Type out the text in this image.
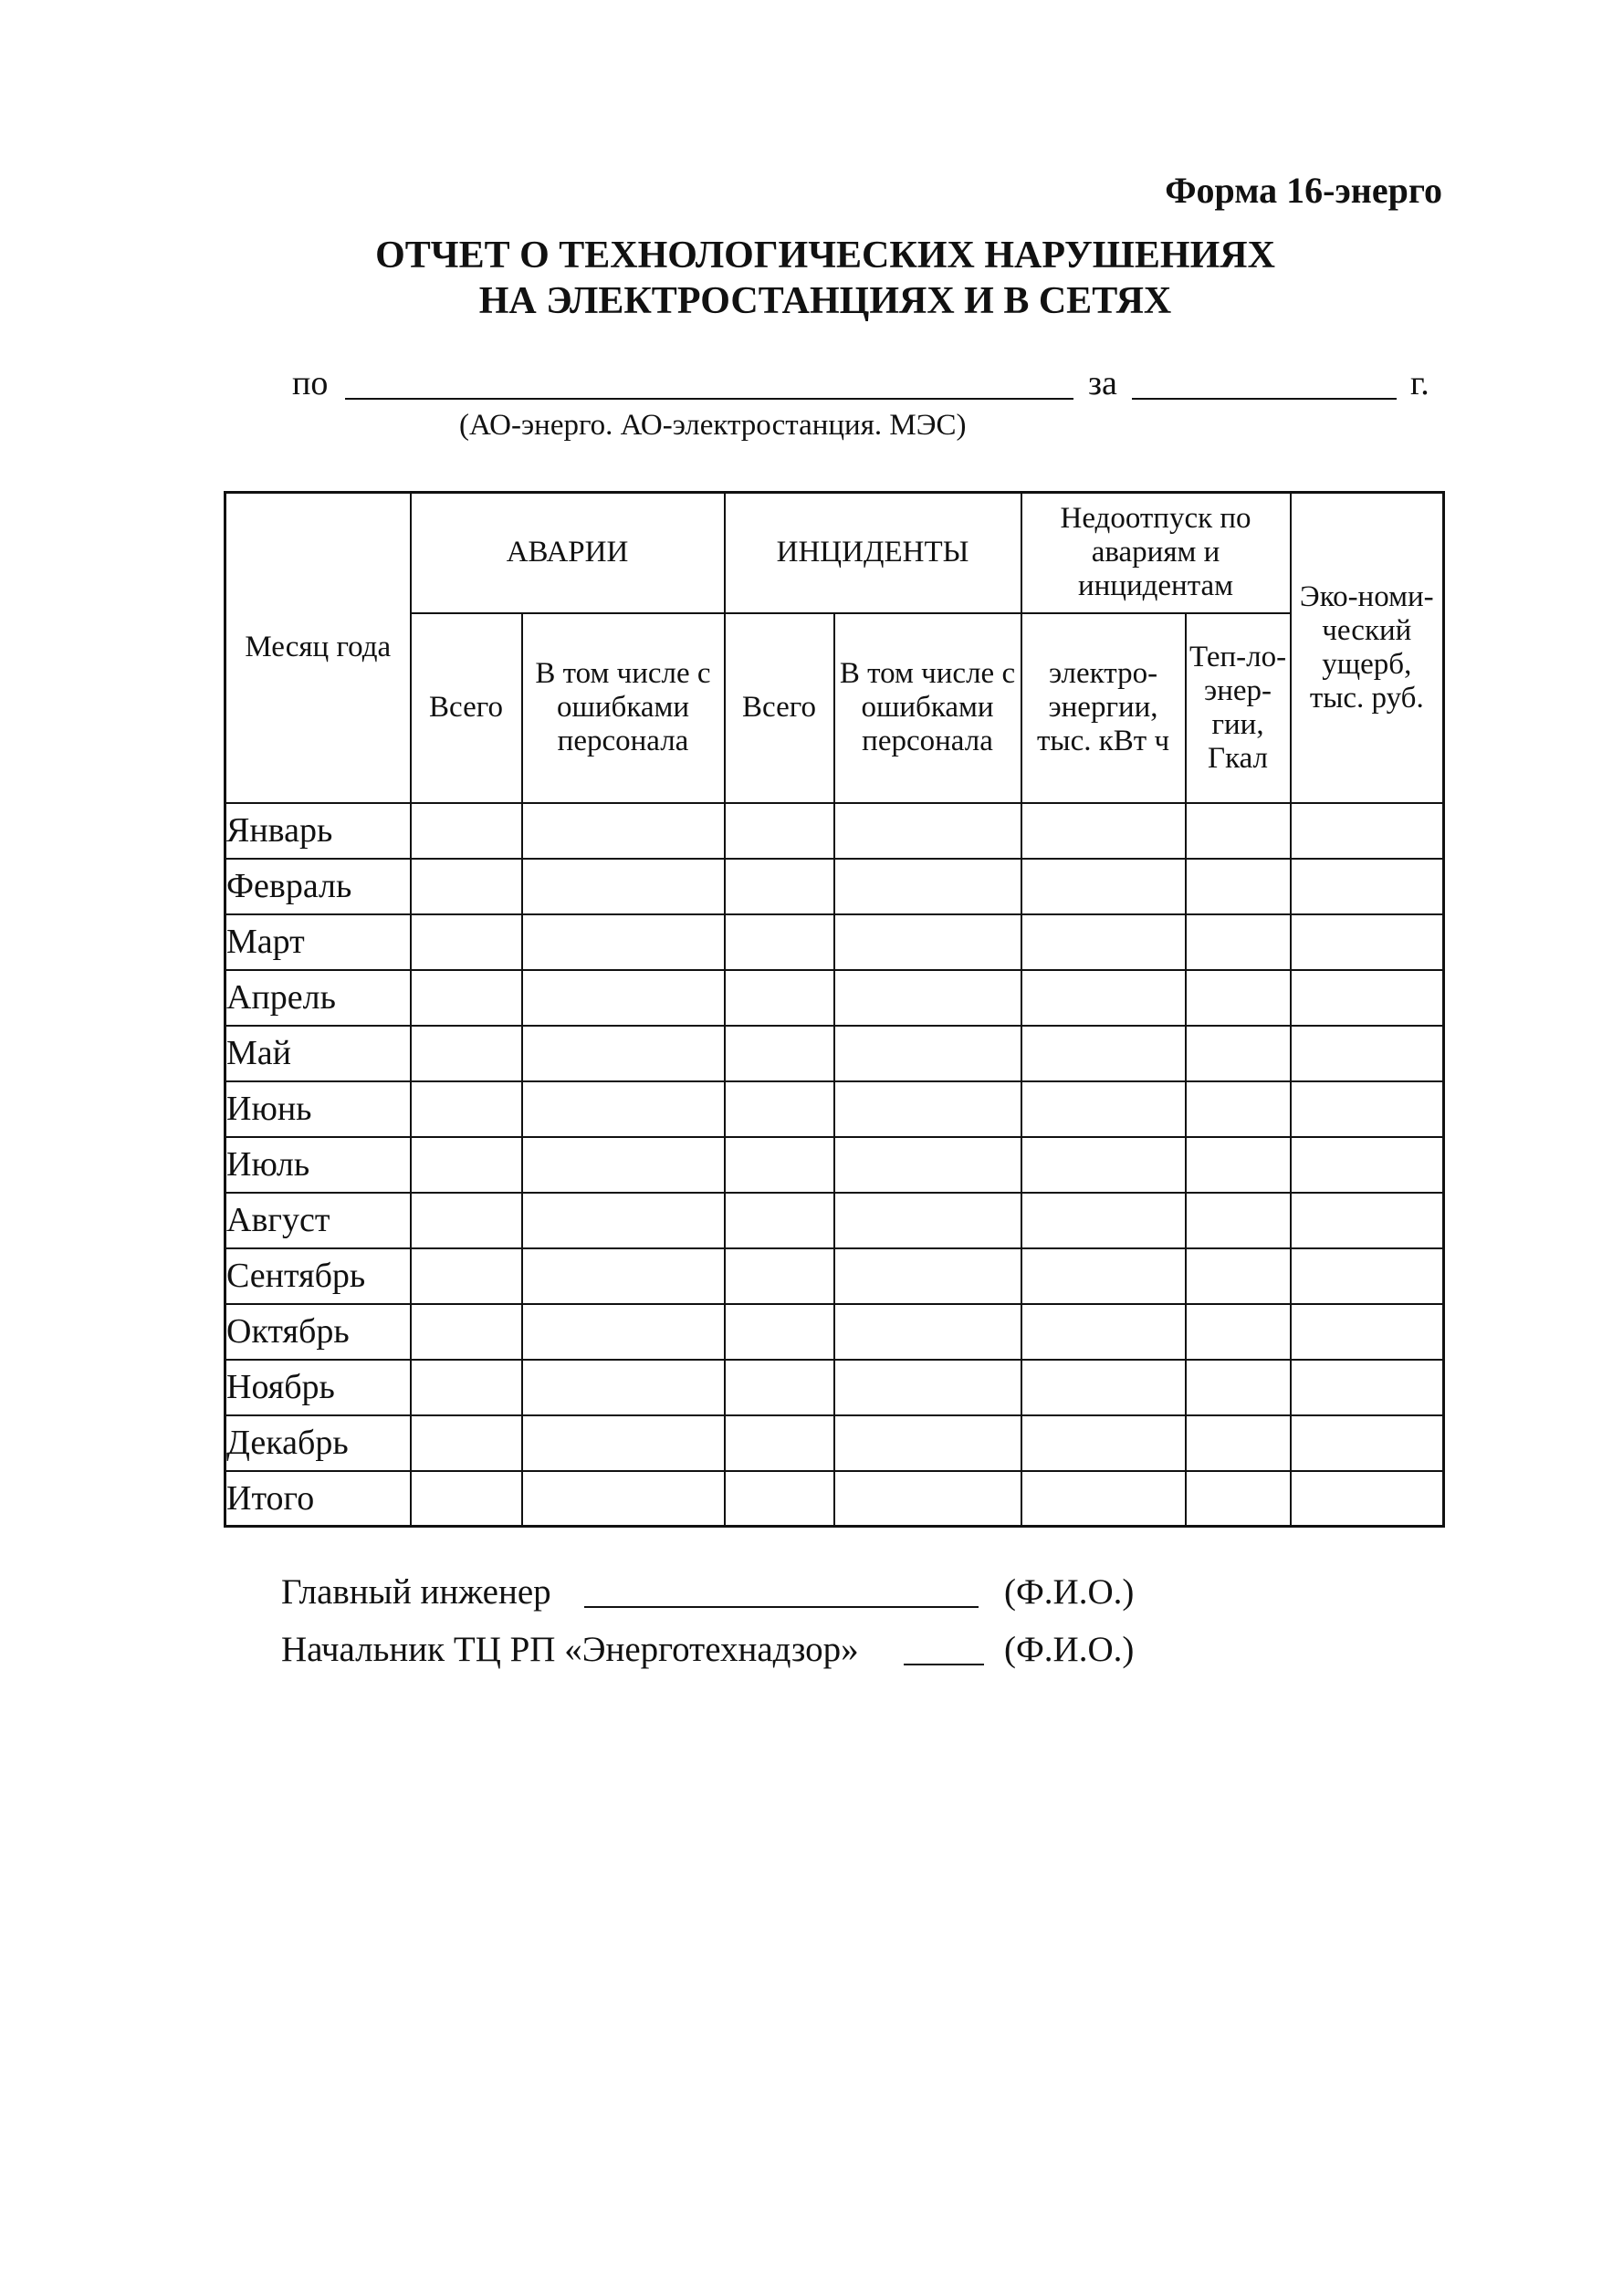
Форма 16-энерго
ОТЧЕТ О ТЕХНОЛОГИЧЕСКИХ НАРУШЕНИЯХ
НА ЭЛЕКТРОСТАНЦИЯХ И В СЕТЯХ
по	за	г.
(АО-энерго. АО-электростанция. МЭС)
Месяц года	АВАРИИ		ИНЦИДЕНТЫ		Недоотпуск по авариям и инцидентам		Эко-номи-ческий ущерб, тыс. руб.
	Всего	В том числе с ошибками персонала	Всего	В том числе с ошибками персонала	электро-энергии, тыс. кВт ч	Теп-ло-энер-гии, Гкал	
Январь							
Февраль							
Март							
Апрель							
Май							
Июнь							
Июль							
Август							
Сентябрь							
Октябрь							
Ноябрь							
Декабрь							
Итого							
Главный инженер	(Ф.И.О.)
Начальник ТЦ РП «Энерготехнадзор»	(Ф.И.О.)
